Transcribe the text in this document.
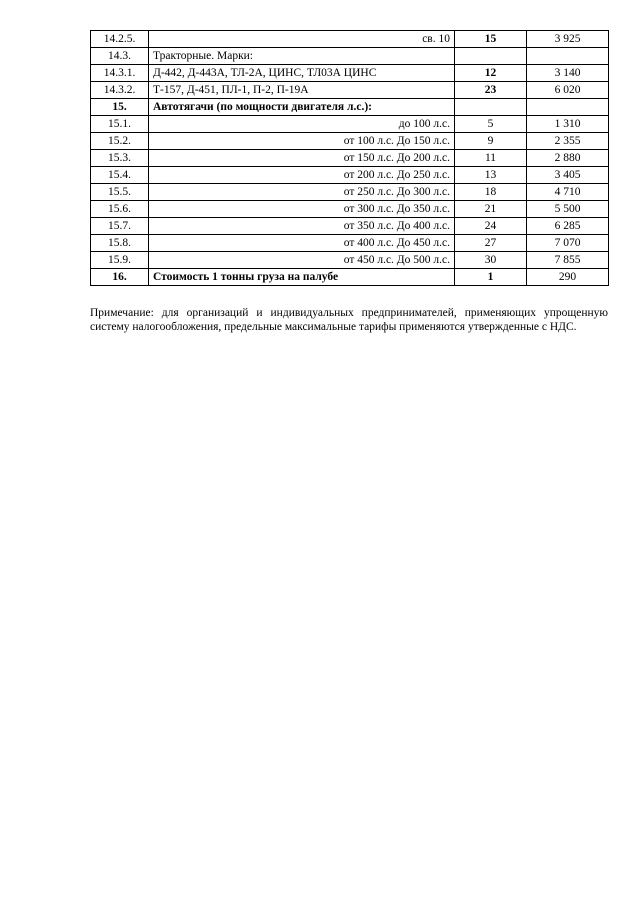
14.2.5.	св. 10	15	3 925
14.3.	Тракторные. Марки:		
14.3.1.	Д-442, Д-443А, ТЛ-2А, ЦИНС, ТЛ03А ЦИНС	12	3 140
14.3.2.	Т-157, Д-451, ПЛ-1, П-2, П-19А	23	6 020
15.	Автотягачи (по мощности двигателя л.с.):		
15.1.	до 100 л.с.	5	1 310
15.2.	от 100 л.с. До 150 л.с.	9	2 355
15.3.	от 150 л.с. До 200 л.с.	11	2 880
15.4.	от 200 л.с. До 250 л.с.	13	3 405
15.5.	от 250 л.с. До 300 л.с.	18	4 710
15.6.	от 300 л.с. До 350 л.с.	21	5 500
15.7.	от 350 л.с. До 400 л.с.	24	6 285
15.8.	от 400 л.с. До 450 л.с.	27	7 070
15.9.	от 450 л.с. До 500 л.с.	30	7 855
16.	Стоимость 1 тонны груза на палубе	1	290

Примечание: для организаций и индивидуальных предпринимателей, применяющих упрощенную систему налогообложения, предельные максимальные тарифы применяются утвержденные с НДС.
